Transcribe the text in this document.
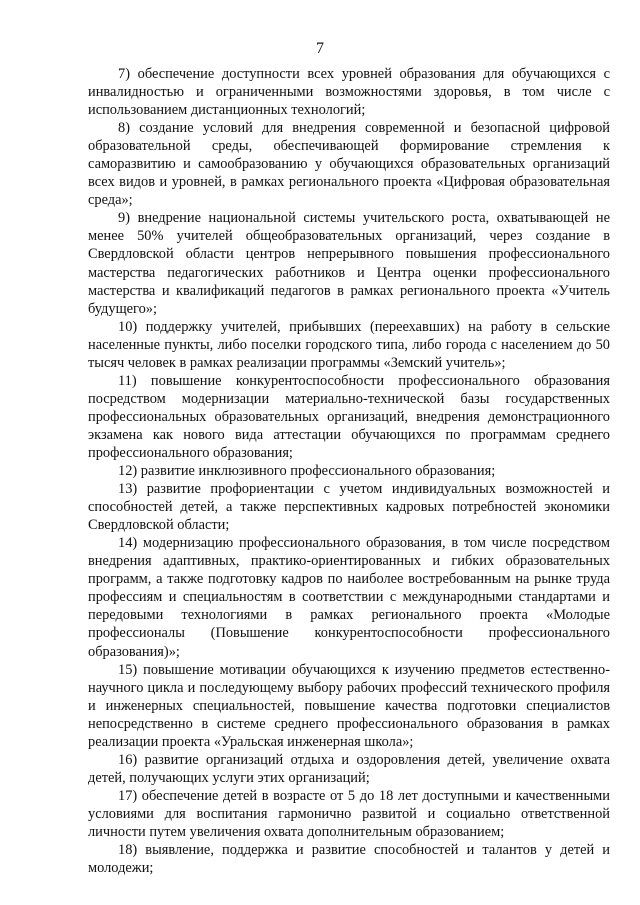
7

7) обеспечение доступности всех уровней образования для обучающихся с инвалидностью и ограниченными возможностями здоровья, в том числе с использованием дистанционных технологий;

8) создание условий для внедрения современной и безопасной цифровой образовательной среды, обеспечивающей формирование стремления к саморазвитию и самообразованию у обучающихся образовательных организаций всех видов и уровней, в рамках регионального проекта «Цифровая образовательная среда»;

9) внедрение национальной системы учительского роста, охватывающей не менее 50% учителей общеобразовательных организаций, через создание в Свердловской области центров непрерывного повышения профессионального мастерства педагогических работников и Центра оценки профессионального мастерства и квалификаций педагогов в рамках регионального проекта «Учитель будущего»;

10) поддержку учителей, прибывших (переехавших) на работу в сельские населенные пункты, либо поселки городского типа, либо города с населением до 50 тысяч человек в рамках реализации программы «Земский учитель»;

11) повышение конкурентоспособности профессионального образования посредством модернизации материально-технической базы государственных профессиональных образовательных организаций, внедрения демонстрационного экзамена как нового вида аттестации обучающихся по программам среднего профессионального образования;

12) развитие инклюзивного профессионального образования;

13) развитие профориентации с учетом индивидуальных возможностей и способностей детей, а также перспективных кадровых потребностей экономики Свердловской области;

14) модернизацию профессионального образования, в том числе посредством внедрения адаптивных, практико-ориентированных и гибких образовательных программ, а также подготовку кадров по наиболее востребованным на рынке труда профессиям и специальностям в соответствии с международными стандартами и передовыми технологиями в рамках регионального проекта «Молодые профессионалы (Повышение конкурентоспособности профессионального образования)»;

15) повышение мотивации обучающихся к изучению предметов естественно-научного цикла и последующему выбору рабочих профессий технического профиля и инженерных специальностей, повышение качества подготовки специалистов непосредственно в системе среднего профессионального образования в рамках реализации проекта «Уральская инженерная школа»;

16) развитие организаций отдыха и оздоровления детей, увеличение охвата детей, получающих услуги этих организаций;

17) обеспечение детей в возрасте от 5 до 18 лет доступными и качественными условиями для воспитания гармонично развитой и социально ответственной личности путем увеличения охвата дополнительным образованием;

18) выявление, поддержка и развитие способностей и талантов у детей и молодежи;
